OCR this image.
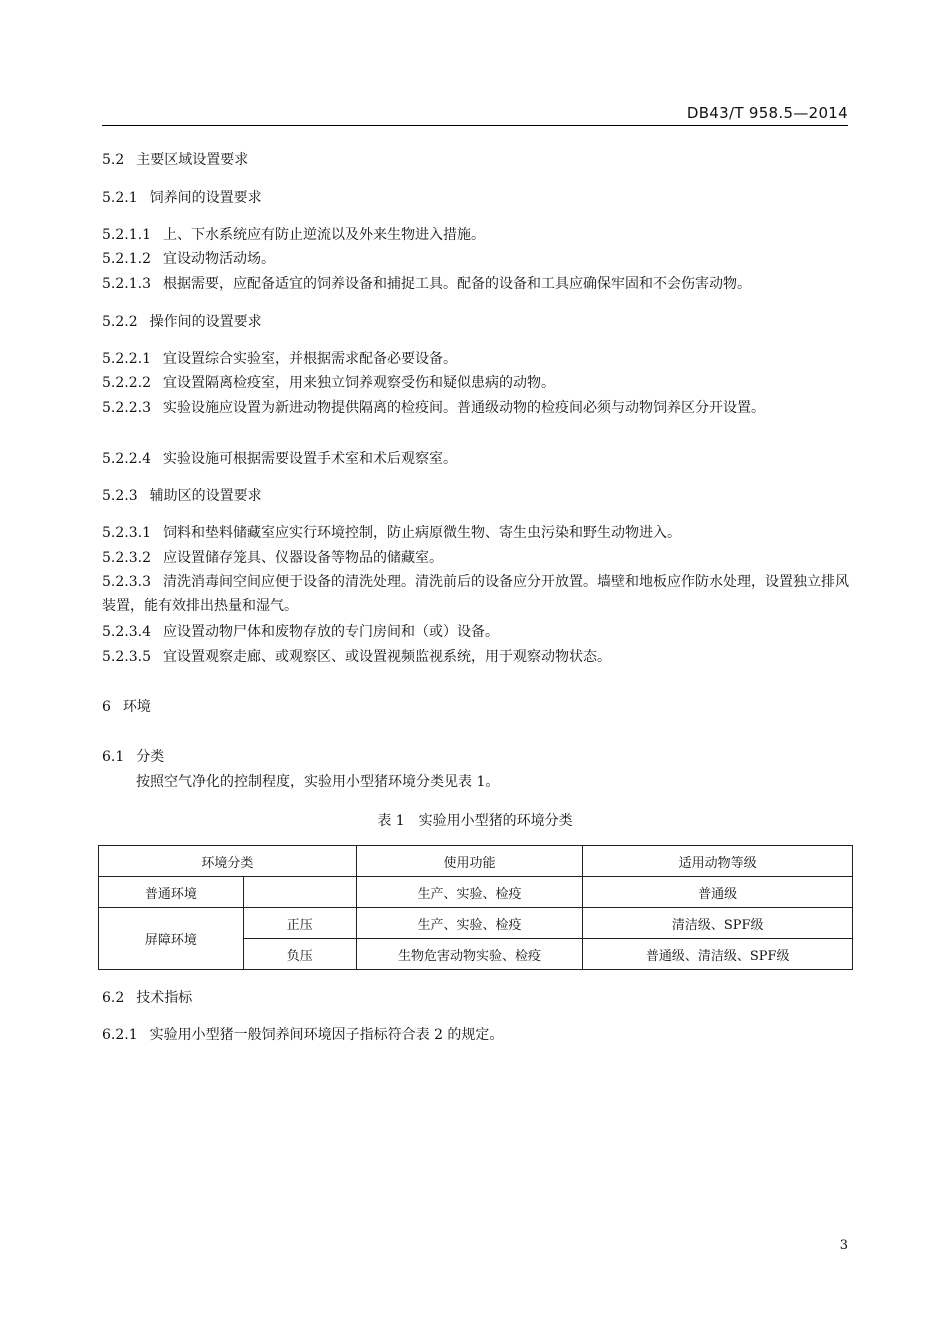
DB43/T 958.5—2014
5.2 主要区域设置要求
5.2.1 饲养间的设置要求
5.2.1.1 上、下水系统应有防止逆流以及外来生物进入措施。
5.2.1.2 宜设动物活动场。
5.2.1.3 根据需要，应配备适宜的饲养设备和捕捉工具。配备的设备和工具应确保牢固和不会伤害动物。
5.2.2 操作间的设置要求
5.2.2.1 宜设置综合实验室，并根据需求配备必要设备。
5.2.2.2 宜设置隔离检疫室，用来独立饲养观察受伤和疑似患病的动物。
5.2.2.3 实验设施应设置为新进动物提供隔离的检疫间。普通级动物的检疫间必须与动物饲养区分开设置。
5.2.2.4 实验设施可根据需要设置手术室和术后观察室。
5.2.3 辅助区的设置要求
5.2.3.1 饲料和垫料储藏室应实行环境控制，防止病原微生物、寄生虫污染和野生动物进入。
5.2.3.2 应设置储存笼具、仪器设备等物品的储藏室。
5.2.3.3 清洗消毒间空间应便于设备的清洗处理。清洗前后的设备应分开放置。墙壁和地板应作防水处理，设置独立排风装置，能有效排出热量和湿气。
5.2.3.4 应设置动物尸体和废物存放的专门房间和（或）设备。
5.2.3.5 宜设置观察走廊、或观察区、或设置视频监视系统，用于观察动物状态。
6 环境
6.1 分类
按照空气净化的控制程度，实验用小型猪环境分类见表 1。
表 1　实验用小型猪的环境分类
环境分类		使用功能	适用动物等级
普通环境		生产、实验、检疫	普通级
屏障环境	正压	生产、实验、检疫	清洁级、SPF级
	负压	生物危害动物实验、检疫	普通级、清洁级、SPF级
6.2 技术指标
6.2.1 实验用小型猪一般饲养间环境因子指标符合表 2 的规定。
3
